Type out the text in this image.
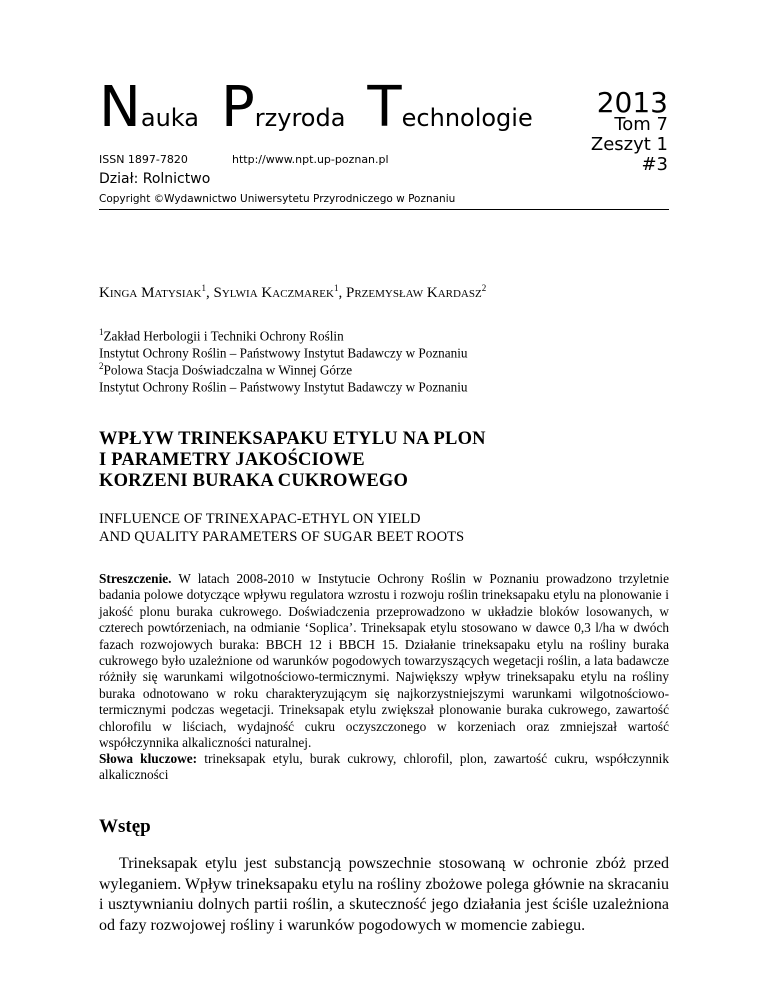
Nauka Przyroda Technologie
ISSN 1897-7820	http://www.npt.up-poznan.pl
Dział: Rolnictwo
Copyright ©Wydawnictwo Uniwersytetu Przyrodniczego w Poznaniu
2013
Tom 7
Zeszyt 1
#3
Kinga Matysiak$^1$, Sylwia Kaczmarek$^1$, Przemysław Kardasz$^2$
$^1$Zakład Herbologii i Techniki Ochrony Roślin
Instytut Ochrony Roślin – Państwowy Instytut Badawczy w Poznaniu
$^2$Polowa Stacja Doświadczalna w Winnej Górze
Instytut Ochrony Roślin – Państwowy Instytut Badawczy w Poznaniu
WPŁYW TRINEKSAPAKU ETYLU NA PLON
I PARAMETRY JAKOŚCIOWE
KORZENI BURAKA CUKROWEGO
INFLUENCE OF TRINEXAPAC-ETHYL ON YIELD
AND QUALITY PARAMETERS OF SUGAR BEET ROOTS
Streszczenie. W latach 2008-2010 w Instytucie Ochrony Roślin w Poznaniu prowadzono trzyletnie badania polowe dotyczące wpływu regulatora wzrostu i rozwoju roślin trineksapaku etylu na plonowanie i jakość plonu buraka cukrowego. Doświadczenia przeprowadzono w układzie bloków losowanych, w czterech powtórzeniach, na odmianie ‘Soplica’. Trineksapak etylu stosowano w dawce 0,3 l/ha w dwóch fazach rozwojowych buraka: BBCH 12 i BBCH 15. Działanie trineksapaku etylu na rośliny buraka cukrowego było uzależnione od warunków pogodowych towarzyszących wegetacji roślin, a lata badawcze różniły się warunkami wilgotnościowo-termicznymi. Największy wpływ trineksapaku etylu na rośliny buraka odnotowano w roku charakteryzującym się najkorzystniejszymi warunkami wilgotnościowo-termicznymi podczas wegetacji. Trineksapak etylu zwiększał plonowanie buraka cukrowego, zawartość chlorofilu w liściach, wydajność cukru oczyszczonego w korzeniach oraz zmniejszał wartość współczynnika alkaliczności naturalnej.
Słowa kluczowe: trineksapak etylu, burak cukrowy, chlorofil, plon, zawartość cukru, współczynnik alkaliczności
Wstęp
Trineksapak etylu jest substancją powszechnie stosowaną w ochronie zbóż przed wyleganiem. Wpływ trineksapaku etylu na rośliny zbożowe polega głównie na skracaniu i usztywnianiu dolnych partii roślin, a skuteczność jego działania jest ściśle uzależniona od fazy rozwojowej rośliny i warunków pogodowych w momencie zabiegu.
